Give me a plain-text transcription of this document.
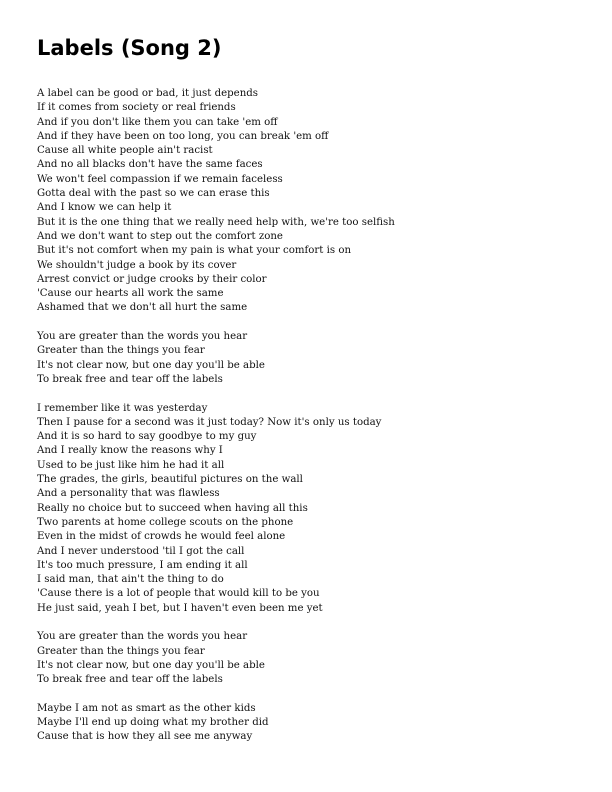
Labels (Song 2)
A label can be good or bad, it just depends
If it comes from society or real friends
And if you don't like them you can take 'em off
And if they have been on too long, you can break 'em off
Cause all white people ain't racist
And no all blacks don't have the same faces
We won't feel compassion if we remain faceless
Gotta deal with the past so we can erase this
And I know we can help it
But it is the one thing that we really need help with, we're too selfish
And we don't want to step out the comfort zone
But it's not comfort when my pain is what your comfort is on
We shouldn't judge a book by its cover
Arrest convict or judge crooks by their color
'Cause our hearts all work the same
Ashamed that we don't all hurt the same
You are greater than the words you hear
Greater than the things you fear
It's not clear now, but one day you'll be able
To break free and tear off the labels
I remember like it was yesterday
Then I pause for a second was it just today? Now it's only us today
And it is so hard to say goodbye to my guy
And I really know the reasons why I
Used to be just like him he had it all
The grades, the girls, beautiful pictures on the wall
And a personality that was flawless
Really no choice but to succeed when having all this
Two parents at home college scouts on the phone
Even in the midst of crowds he would feel alone
And I never understood 'til I got the call
It's too much pressure, I am ending it all
I said man, that ain't the thing to do
'Cause there is a lot of people that would kill to be you
He just said, yeah I bet, but I haven't even been me yet
You are greater than the words you hear
Greater than the things you fear
It's not clear now, but one day you'll be able
To break free and tear off the labels
Maybe I am not as smart as the other kids
Maybe I'll end up doing what my brother did
Cause that is how they all see me anyway
